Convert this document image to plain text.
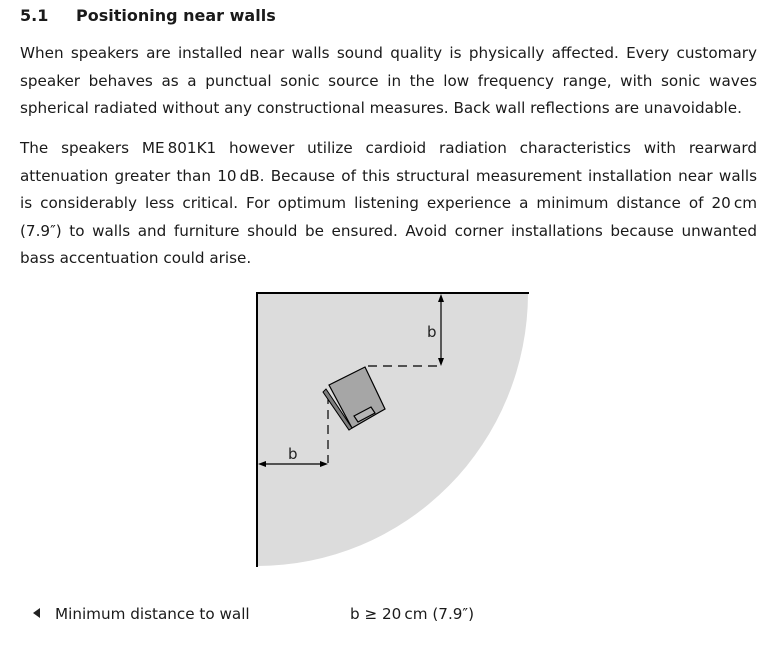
5.1 Positioning near walls

When speakers are installed near walls sound quality is physically affected. Every customary speaker behaves as a punctual sonic source in the low frequency range, with sonic waves spherical radiated without any constructional measures. Back wall reflections are unavoidable.

The speakers ME 801K1 however utilize cardioid radiation characteristics with rearward attenuation greater than 10 dB. Because of this structural measurement installation near walls is considerably less critical. For optimum listening experience a minimum distance of 20 cm (7.9″) to walls and furniture should be ensured. Avoid corner installations because unwanted bass accentuation could arise.

b
b
Minimum distance to wall	b ≥ 20 cm (7.9″)
